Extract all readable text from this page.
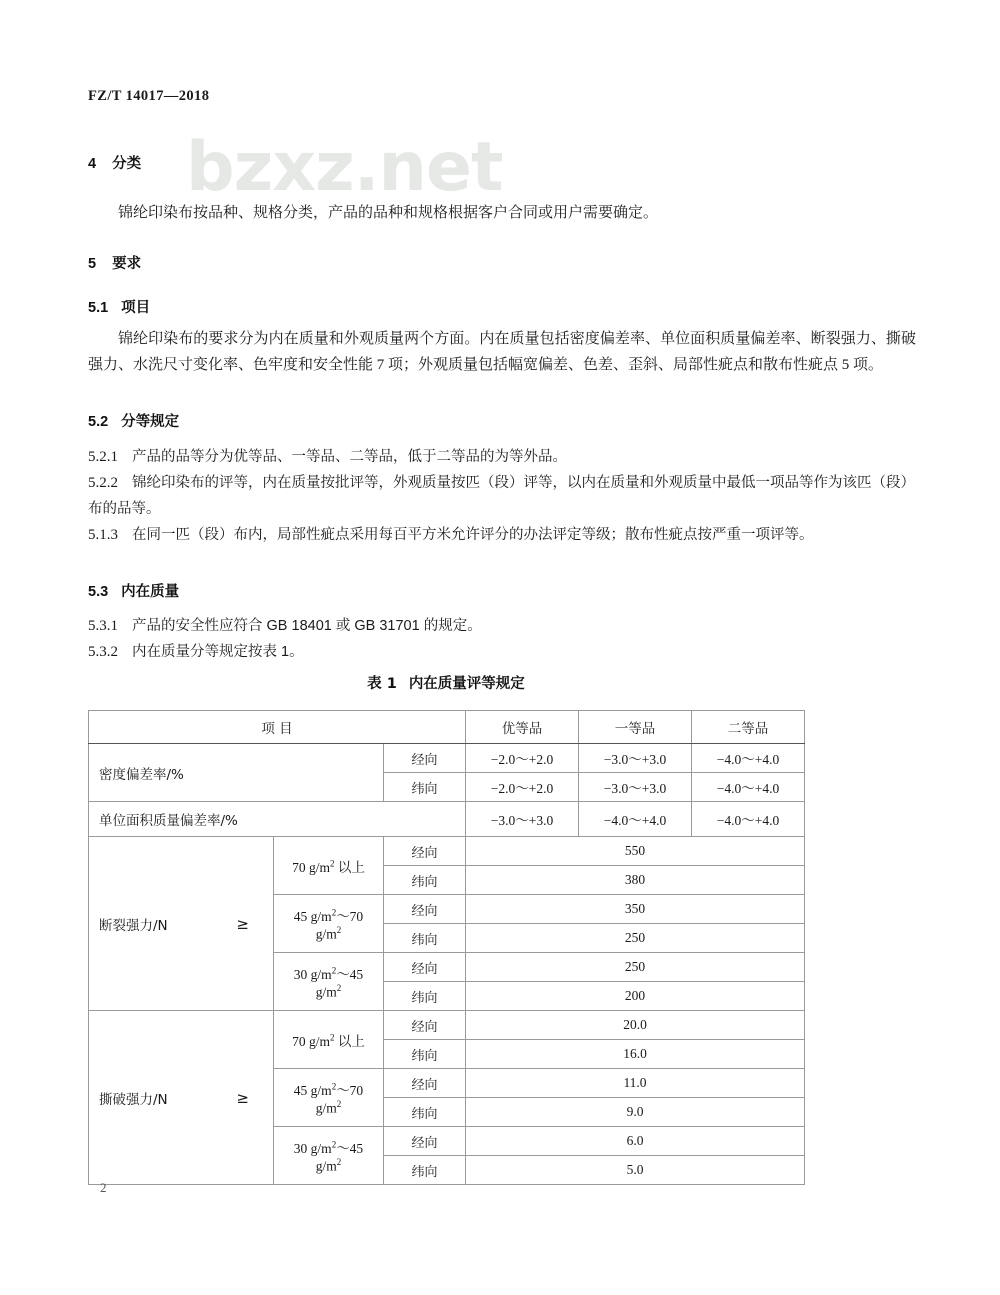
bzxz.net
FZ/T 14017—2018
4 分类
锦纶印染布按品种、规格分类，产品的品种和规格根据客户合同或用户需要确定。
5 要求
5.1 项目
锦纶印染布的要求分为内在质量和外观质量两个方面。内在质量包括密度偏差率、单位面积质量偏差率、断裂强力、撕破强力、水洗尺寸变化率、色牢度和安全性能 7 项；外观质量包括幅宽偏差、色差、歪斜、局部性疵点和散布性疵点 5 项。
5.2 分等规定
5.2.1 产品的品等分为优等品、一等品、二等品，低于二等品的为等外品。
5.2.2 锦纶印染布的评等，内在质量按批评等，外观质量按匹（段）评等，以内在质量和外观质量中最低一项品等作为该匹（段）布的品等。
5.1.3 在同一匹（段）布内，局部性疵点采用每百平方米允许评分的办法评定等级；散布性疵点按严重一项评等。
5.3 内在质量
5.3.1 产品的安全性应符合 GB 18401 或 GB 31701 的规定。
5.3.2 内在质量分等规定按表 1。
表 1 内在质量评等规定
项 目			优等品	一等品	二等品
密度偏差率/%		经向	−2.0～+2.0	−3.0～+3.0	−4.0～+4.0
		纬向	−2.0～+2.0	−3.0～+3.0	−4.0～+4.0
单位面积质量偏差率/%			−3.0～+3.0	−4.0～+4.0	−4.0～+4.0

断裂强力/N ≥	70 $g/m^2$ 以上	经向	550		
		纬向	380		
	45 $g/m^2\sim 70$ $g/m^2$	经向	350		
		纬向	250		
	30 $g/m^2\sim 45$ $g/m^2$	经向	250		
		纬向	200		

撕破强力/N ≥	70 $g/m^2$ 以上	经向	20.0		
		纬向	16.0		
	45 $g/m^2\sim 70$ $g/m^2$	经向	11.0		
		纬向	9.0		
	30 $g/m^2\sim 45$ $g/m^2$	经向	6.0		
		纬向	5.0		
2
